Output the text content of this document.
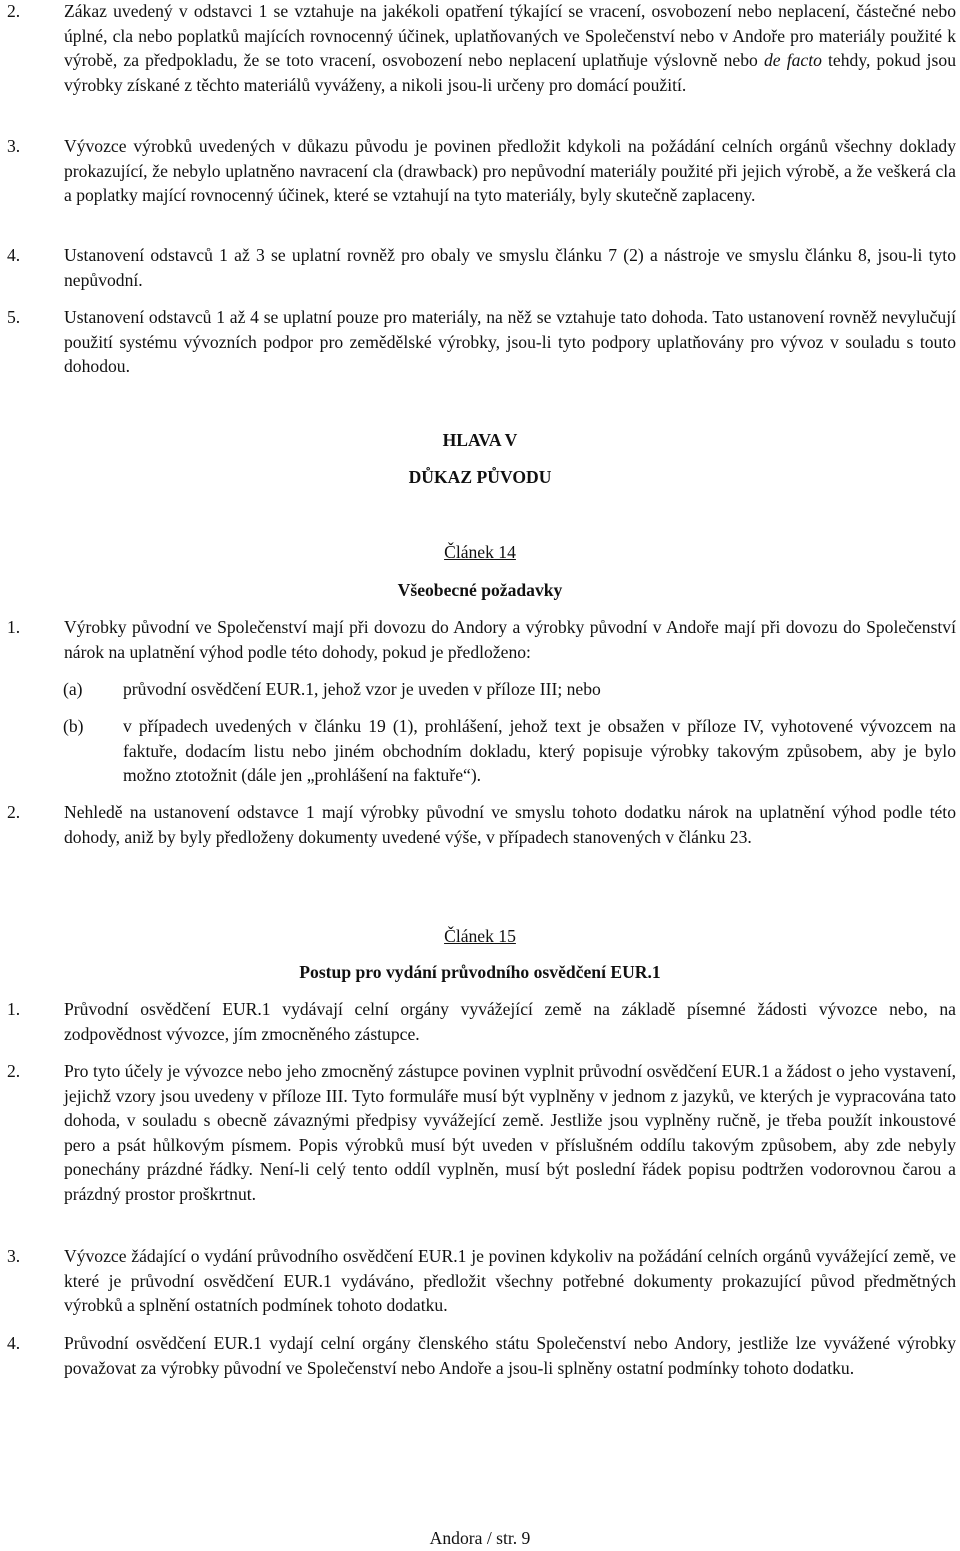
2. Zákaz uvedený v odstavci 1 se vztahuje na jakékoli opatření týkající se vracení, osvobození nebo neplacení, částečné nebo úplné, cla nebo poplatků majících rovnocenný účinek, uplatňovaných ve Společenství nebo v Andoře pro materiály použité k výrobě, za předpokladu, že se toto vracení, osvobození nebo neplacení uplatňuje výslovně nebo de facto tehdy, pokud jsou výrobky získané z těchto materiálů vyváženy, a nikoli jsou-li určeny pro domácí použití.
3. Vývozce výrobků uvedených v důkazu původu je povinen předložit kdykoli na požádání celních orgánů všechny doklady prokazující, že nebylo uplatněno navracení cla (drawback) pro nepůvodní materiály použité při jejich výrobě, a že veškerá cla a poplatky mající rovnocenný účinek, které se vztahují na tyto materiály, byly skutečně zaplaceny.
4. Ustanovení odstavců 1 až 3 se uplatní rovněž pro obaly ve smyslu článku 7 (2) a nástroje ve smyslu článku 8, jsou-li tyto nepůvodní.
5. Ustanovení odstavců 1 až 4 se uplatní pouze pro materiály, na něž se vztahuje tato dohoda. Tato ustanovení rovněž nevylučují použití systému vývozních podpor pro zemědělské výrobky, jsou-li tyto podpory uplatňovány pro vývoz v souladu s touto dohodou.
HLAVA V
DŮKAZ PŮVODU
Článek 14
Všeobecné požadavky
1. Výrobky původní ve Společenství mají při dovozu do Andory a výrobky původní v Andoře mají při dovozu do Společenství nárok na uplatnění výhod podle této dohody, pokud je předloženo:
(a) průvodní osvědčení EUR.1, jehož vzor je uveden v příloze III; nebo
(b) v případech uvedených v článku 19 (1), prohlášení, jehož text je obsažen v příloze IV, vyhotovené vývozcem na faktuře, dodacím listu nebo jiném obchodním dokladu, který popisuje výrobky takovým způsobem, aby je bylo možno ztotožnit (dále jen „prohlášení na faktuře“).
2. Nehledě na ustanovení odstavce 1 mají výrobky původní ve smyslu tohoto dodatku nárok na uplatnění výhod podle této dohody, aniž by byly předloženy dokumenty uvedené výše, v případech stanovených v článku 23.
Článek 15
Postup pro vydání průvodního osvědčení EUR.1
1. Průvodní osvědčení EUR.1 vydávají celní orgány vyvážející země na základě písemné žádosti vývozce nebo, na zodpovědnost vývozce, jím zmocněného zástupce.
2. Pro tyto účely je vývozce nebo jeho zmocněný zástupce povinen vyplnit průvodní osvědčení EUR.1 a žádost o jeho vystavení, jejichž vzory jsou uvedeny v příloze III. Tyto formuláře musí být vyplněny v jednom z jazyků, ve kterých je vypracována tato dohoda, v souladu s obecně závaznými předpisy vyvážející země. Jestliže jsou vyplněny ručně, je třeba použít inkoustové pero a psát hůlkovým písmem. Popis výrobků musí být uveden v příslušném oddílu takovým způsobem, aby zde nebyly ponechány prázdné řádky. Není-li celý tento oddíl vyplněn, musí být poslední řádek popisu podtržen vodorovnou čarou a prázdný prostor proškrtnut.
3. Vývozce žádající o vydání průvodního osvědčení EUR.1 je povinen kdykoliv na požádání celních orgánů vyvážející země, ve které je průvodní osvědčení EUR.1 vydáváno, předložit všechny potřebné dokumenty prokazující původ předmětných výrobků a splnění ostatních podmínek tohoto dodatku.
4. Průvodní osvědčení EUR.1 vydají celní orgány členského státu Společenství nebo Andory, jestliže lze vyvážené výrobky považovat za výrobky původní ve Společenství nebo Andoře a jsou-li splněny ostatní podmínky tohoto dodatku.
Andora / str. 9
